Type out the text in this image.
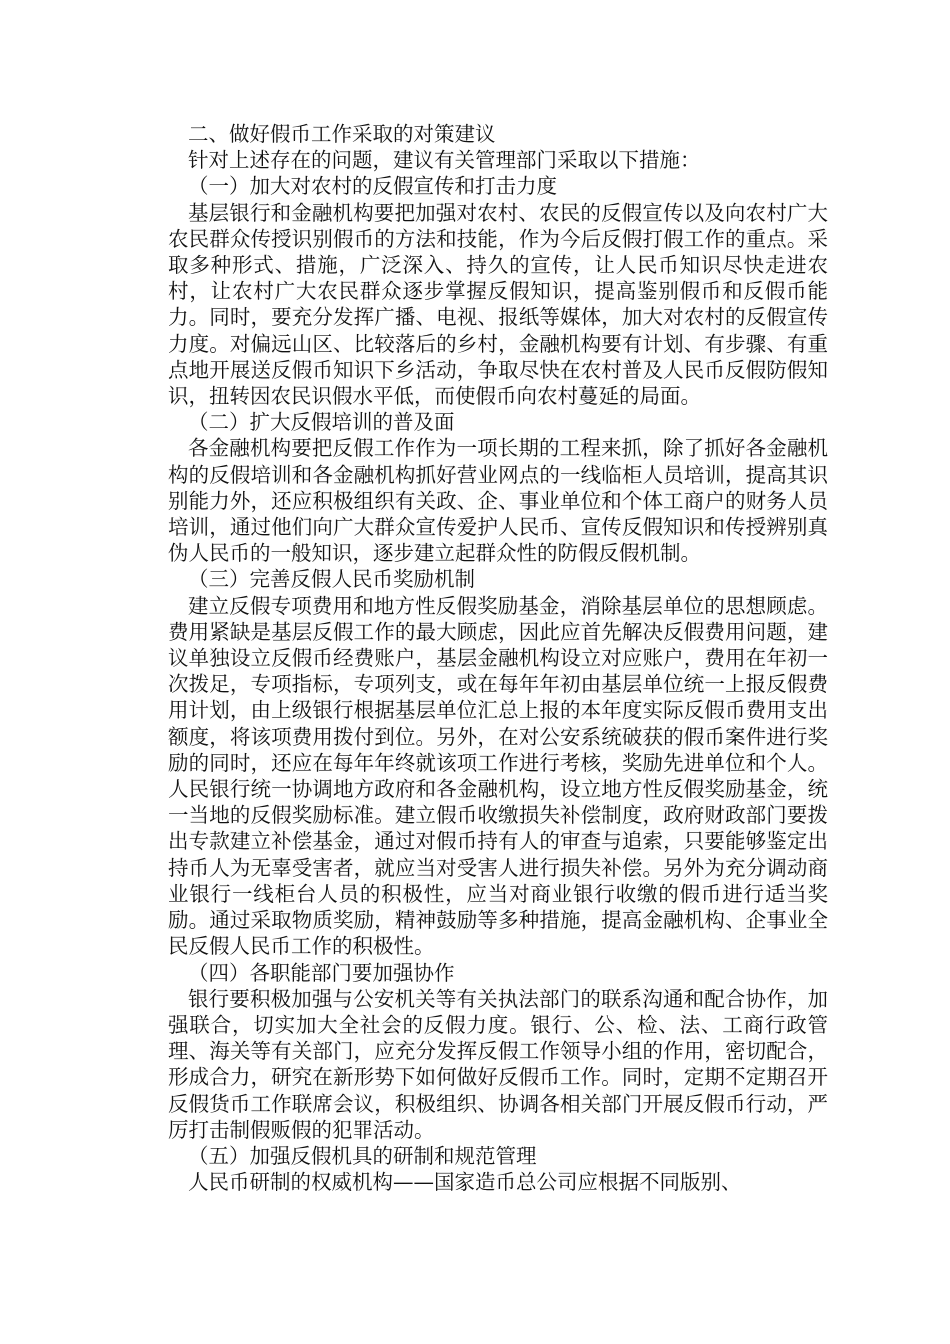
二、做好假币工作采取的对策建议

针对上述存在的问题，建议有关管理部门采取以下措施：

（一）加大对农村的反假宣传和打击力度

基层银行和金融机构要把加强对农村、农民的反假宣传以及向农村广大农民群众传授识别假币的方法和技能，作为今后反假打假工作的重点。采取多种形式、措施，广泛深入、持久的宣传，让人民币知识尽快走进农村，让农村广大农民群众逐步掌握反假知识，提高鉴别假币和反假币能力。同时，要充分发挥广播、电视、报纸等媒体，加大对农村的反假宣传力度。对偏远山区、比较落后的乡村，金融机构要有计划、有步骤、有重点地开展送反假币知识下乡活动，争取尽快在农村普及人民币反假防假知识，扭转因农民识假水平低，而使假币向农村蔓延的局面。

（二）扩大反假培训的普及面

各金融机构要把反假工作作为一项长期的工程来抓，除了抓好各金融机构的反假培训和各金融机构抓好营业网点的一线临柜人员培训，提高其识别能力外，还应积极组织有关政、企、事业单位和个体工商户的财务人员培训，通过他们向广大群众宣传爱护人民币、宣传反假知识和传授辨别真伪人民币的一般知识，逐步建立起群众性的防假反假机制。

（三）完善反假人民币奖励机制

建立反假专项费用和地方性反假奖励基金，消除基层单位的思想顾虑。费用紧缺是基层反假工作的最大顾虑，因此应首先解决反假费用问题，建议单独设立反假币经费账户，基层金融机构设立对应账户，费用在年初一次拨足，专项指标，专项列支，或在每年年初由基层单位统一上报反假费用计划，由上级银行根据基层单位汇总上报的本年度实际反假币费用支出额度，将该项费用拨付到位。另外，在对公安系统破获的假币案件进行奖励的同时，还应在每年年终就该项工作进行考核，奖励先进单位和个人。人民银行统一协调地方政府和各金融机构，设立地方性反假奖励基金，统一当地的反假奖励标准。建立假币收缴损失补偿制度，政府财政部门要拨出专款建立补偿基金，通过对假币持有人的审查与追索，只要能够鉴定出持币人为无辜受害者，就应当对受害人进行损失补偿。另外为充分调动商业银行一线柜台人员的积极性，应当对商业银行收缴的假币进行适当奖励。通过采取物质奖励，精神鼓励等多种措施，提高金融机构、企事业全民反假人民币工作的积极性。

（四）各职能部门要加强协作

银行要积极加强与公安机关等有关执法部门的联系沟通和配合协作，加强联合，切实加大全社会的反假力度。银行、公、检、法、工商行政管理、海关等有关部门，应充分发挥反假工作领导小组的作用，密切配合，形成合力，研究在新形势下如何做好反假币工作。同时，定期不定期召开反假货币工作联席会议，积极组织、协调各相关部门开展反假币行动，严厉打击制假贩假的犯罪活动。

（五）加强反假机具的研制和规范管理

人民币研制的权威机构——国家造币总公司应根据不同版别、
